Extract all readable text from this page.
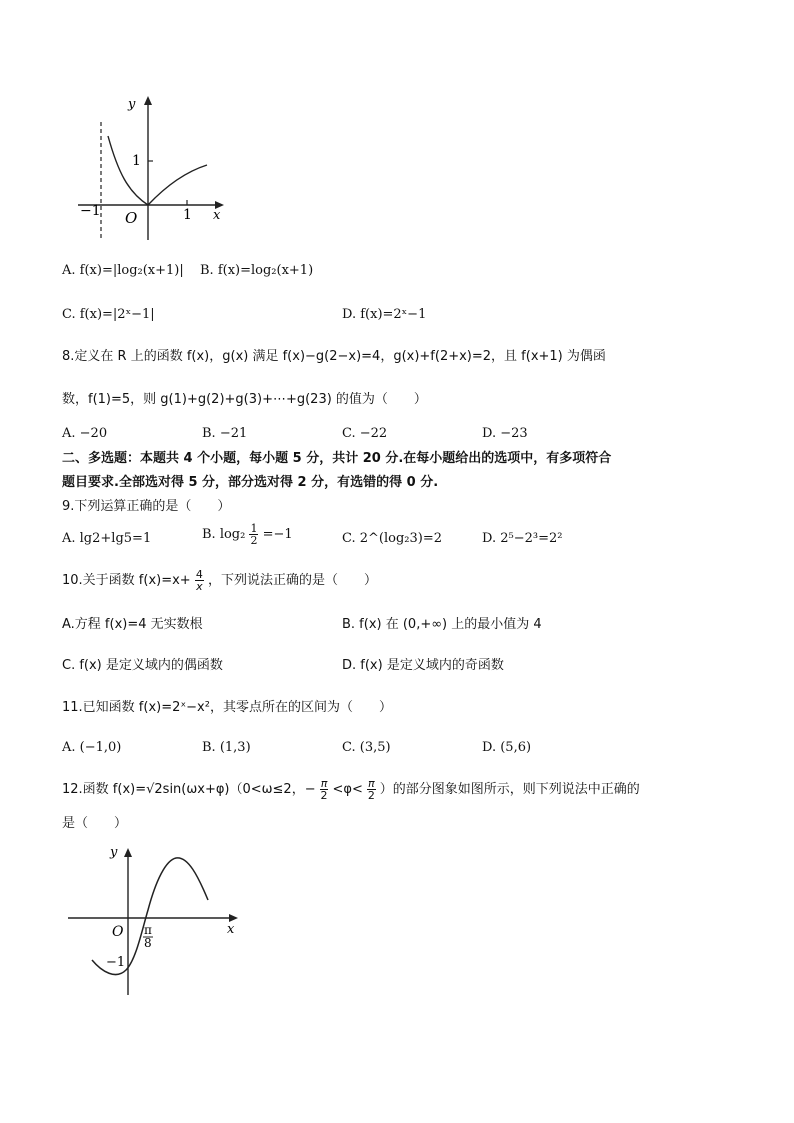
y
1
O	1
−1	x
A. f(x)=|log₂(x+1)| B. f(x)=log₂(x+1)
C. f(x)=|2ˣ−1|	D. f(x)=2ˣ−1
8.定义在 R 上的函数 f(x)，g(x) 满足 f(x)−g(2−x)=4，g(x)+f(2+x)=2，且 f(x+1) 为偶函
数，f(1)=5，则 g(1)+g(2)+g(3)+⋯+g(23) 的值为（　　）
A. −20	B. −21	C. −22	D. −23
二、多选题：本题共 4 个小题，每小题 5 分，共计 20 分.在每小题给出的选项中，有多项符合
题目要求.全部选对得 5 分，部分选对得 2 分，有选错的得 0 分.
9.下列运算正确的是（　　）
A. lg2+lg5=1	B. $\log_2 \frac{1}{2} =-1$	C. 2^(log₂3)=2	D. 2⁵−2³=2²
10.关于函数 $f(x)=x+ \frac{4}{x}$ ，下列说法正确的是（　　）
A.方程 f(x)=4 无实数根	B. f(x) 在 (0,+∞) 上的最小值为 4
C. f(x) 是定义域内的偶函数	D. f(x) 是定义域内的奇函数
11.已知函数 f(x)=2ˣ−x²，其零点所在的区间为（　　）
A. (−1,0)	B. (1,3)	C. (3,5)	D. (5,6)
12.函数 f(x)=√2sin(ωx+φ)（0<ω≤2，− $\frac{\pi}{2} <\varphi< \frac{\pi}{2}$ ）的部分图象如图所示，则下列说法中正确的
是（　　）
y
O π
8
−1
x
